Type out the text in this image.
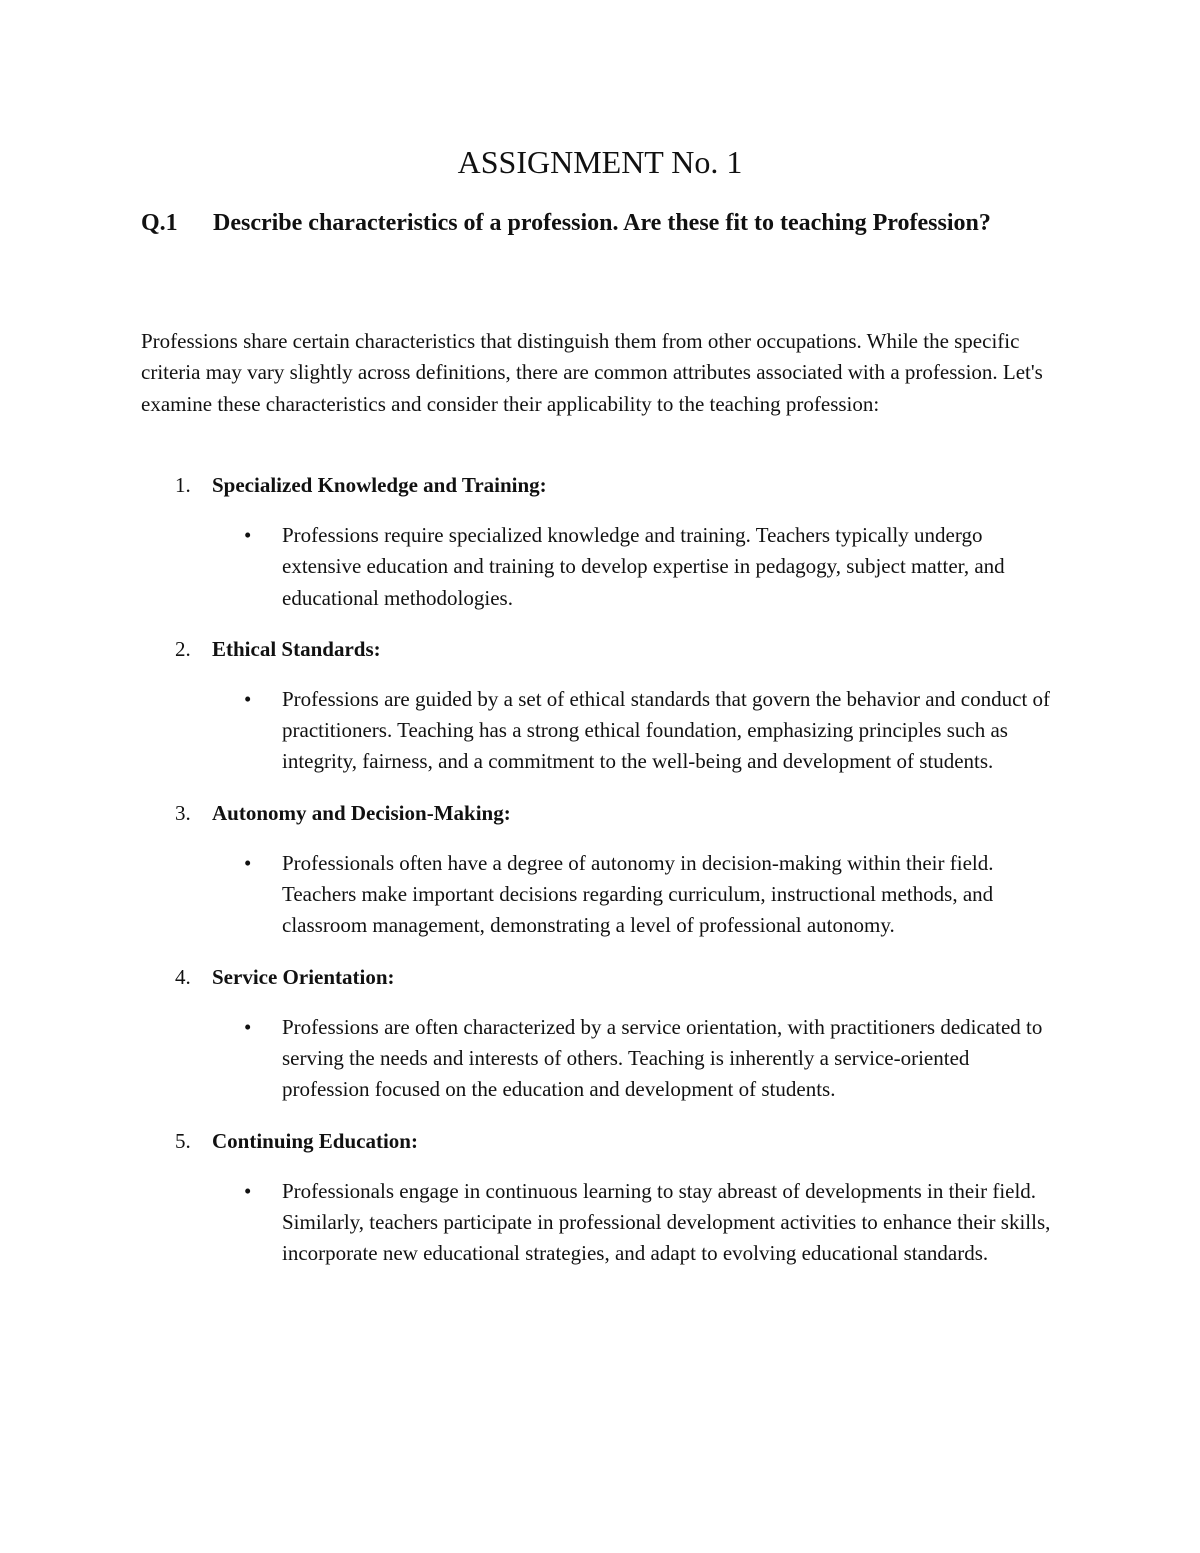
ASSIGNMENT No. 1

Q.1 Describe characteristics of a profession. Are these fit to teaching Profession?

Professions share certain characteristics that distinguish them from other occupations. While the specific criteria may vary slightly across definitions, there are common attributes associated with a profession. Let's examine these characteristics and consider their applicability to the teaching profession:

1. Specialized Knowledge and Training:
• Professions require specialized knowledge and training. Teachers typically undergo extensive education and training to develop expertise in pedagogy, subject matter, and educational methodologies.
2. Ethical Standards:
• Professions are guided by a set of ethical standards that govern the behavior and conduct of practitioners. Teaching has a strong ethical foundation, emphasizing principles such as integrity, fairness, and a commitment to the well-being and development of students.
3. Autonomy and Decision-Making:
• Professionals often have a degree of autonomy in decision-making within their field. Teachers make important decisions regarding curriculum, instructional methods, and classroom management, demonstrating a level of professional autonomy.
4. Service Orientation:
• Professions are often characterized by a service orientation, with practitioners dedicated to serving the needs and interests of others. Teaching is inherently a service-oriented profession focused on the education and development of students.
5. Continuing Education:
• Professionals engage in continuous learning to stay abreast of developments in their field. Similarly, teachers participate in professional development activities to enhance their skills, incorporate new educational strategies, and adapt to evolving educational standards.
